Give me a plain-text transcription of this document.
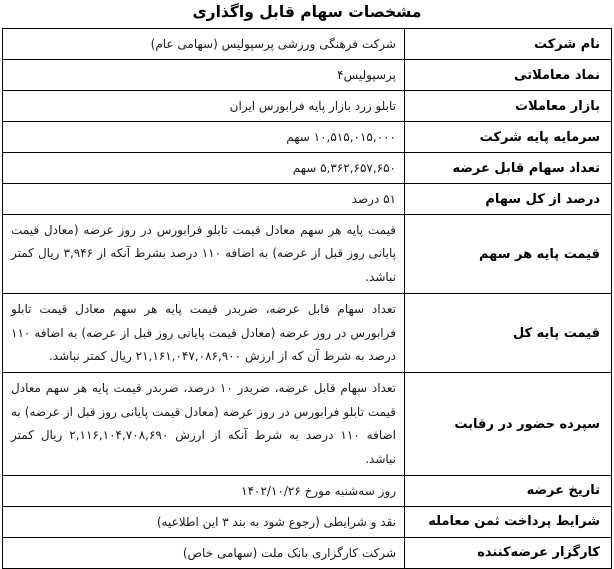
مشخصات سهام قابل واگذاری
نام شرکت	شرکت فرهنگی ورزشی پرسپولیس (سهامی عام)
نماد معاملاتی	پرسپولیس۴
بازار معاملات	تابلو زرد بازار پایه فرابورس ایران
سرمایه پایه شرکت	۱۰,۵۱۵,۰۱۵,۰۰۰ سهم
تعداد سهام قابل عرضه	۵,۳۶۲,۶۵۷,۶۵۰ سهم
درصد از کل سهام	۵۱ درصد
قیمت پایه هر سهم	قیمت پایه هر سهم معادل قیمت تابلو فرابورس در روز عرضه (معادل قیمت پایانی روز قبل از عرضه) به اضافه ۱۱۰ درصد بشرط آنکه از ۳,۹۴۶ ریال کمتر نباشد.
قیمت پایه کل	تعداد سهام قابل عرضه، ضربدر قیمت پایه هر سهم معادل قیمت تابلو فرابورس در روز عرضه (معادل قیمت پایانی روز قبل از عرضه) به اضافه ۱۱۰ درصد به شرط آن که از ارزش ۲۱,۱۶۱,۰۴۷,۰۸۶,۹۰۰ ریال کمتر نباشد.
سپرده حضور در رقابت	تعداد سهام قابل عرضه، ضربدر ۱۰ درصد، ضربدر قیمت پایه هر سهم معادل قیمت تابلو فرابورس در روز عرضه (معادل قیمت پایانی روز قبل از عرضه) به اضافه ۱۱۰ درصد به شرط آنکه از ارزش ۲,۱۱۶,۱۰۴,۷۰۸,۶۹۰ ریال کمتر نباشد.
تاریخ عرضه	روز سه‌شنبه مورخ ۱۴۰۲/۱۰/۲۶
شرایط پرداخت ثمن معامله	نقد و شرایطی (رجوع شود به بند ۳ این اطلاعیه)
کارگزار عرضه‌کننده	شرکت کارگزاری بانک ملت (سهامی خاص)
